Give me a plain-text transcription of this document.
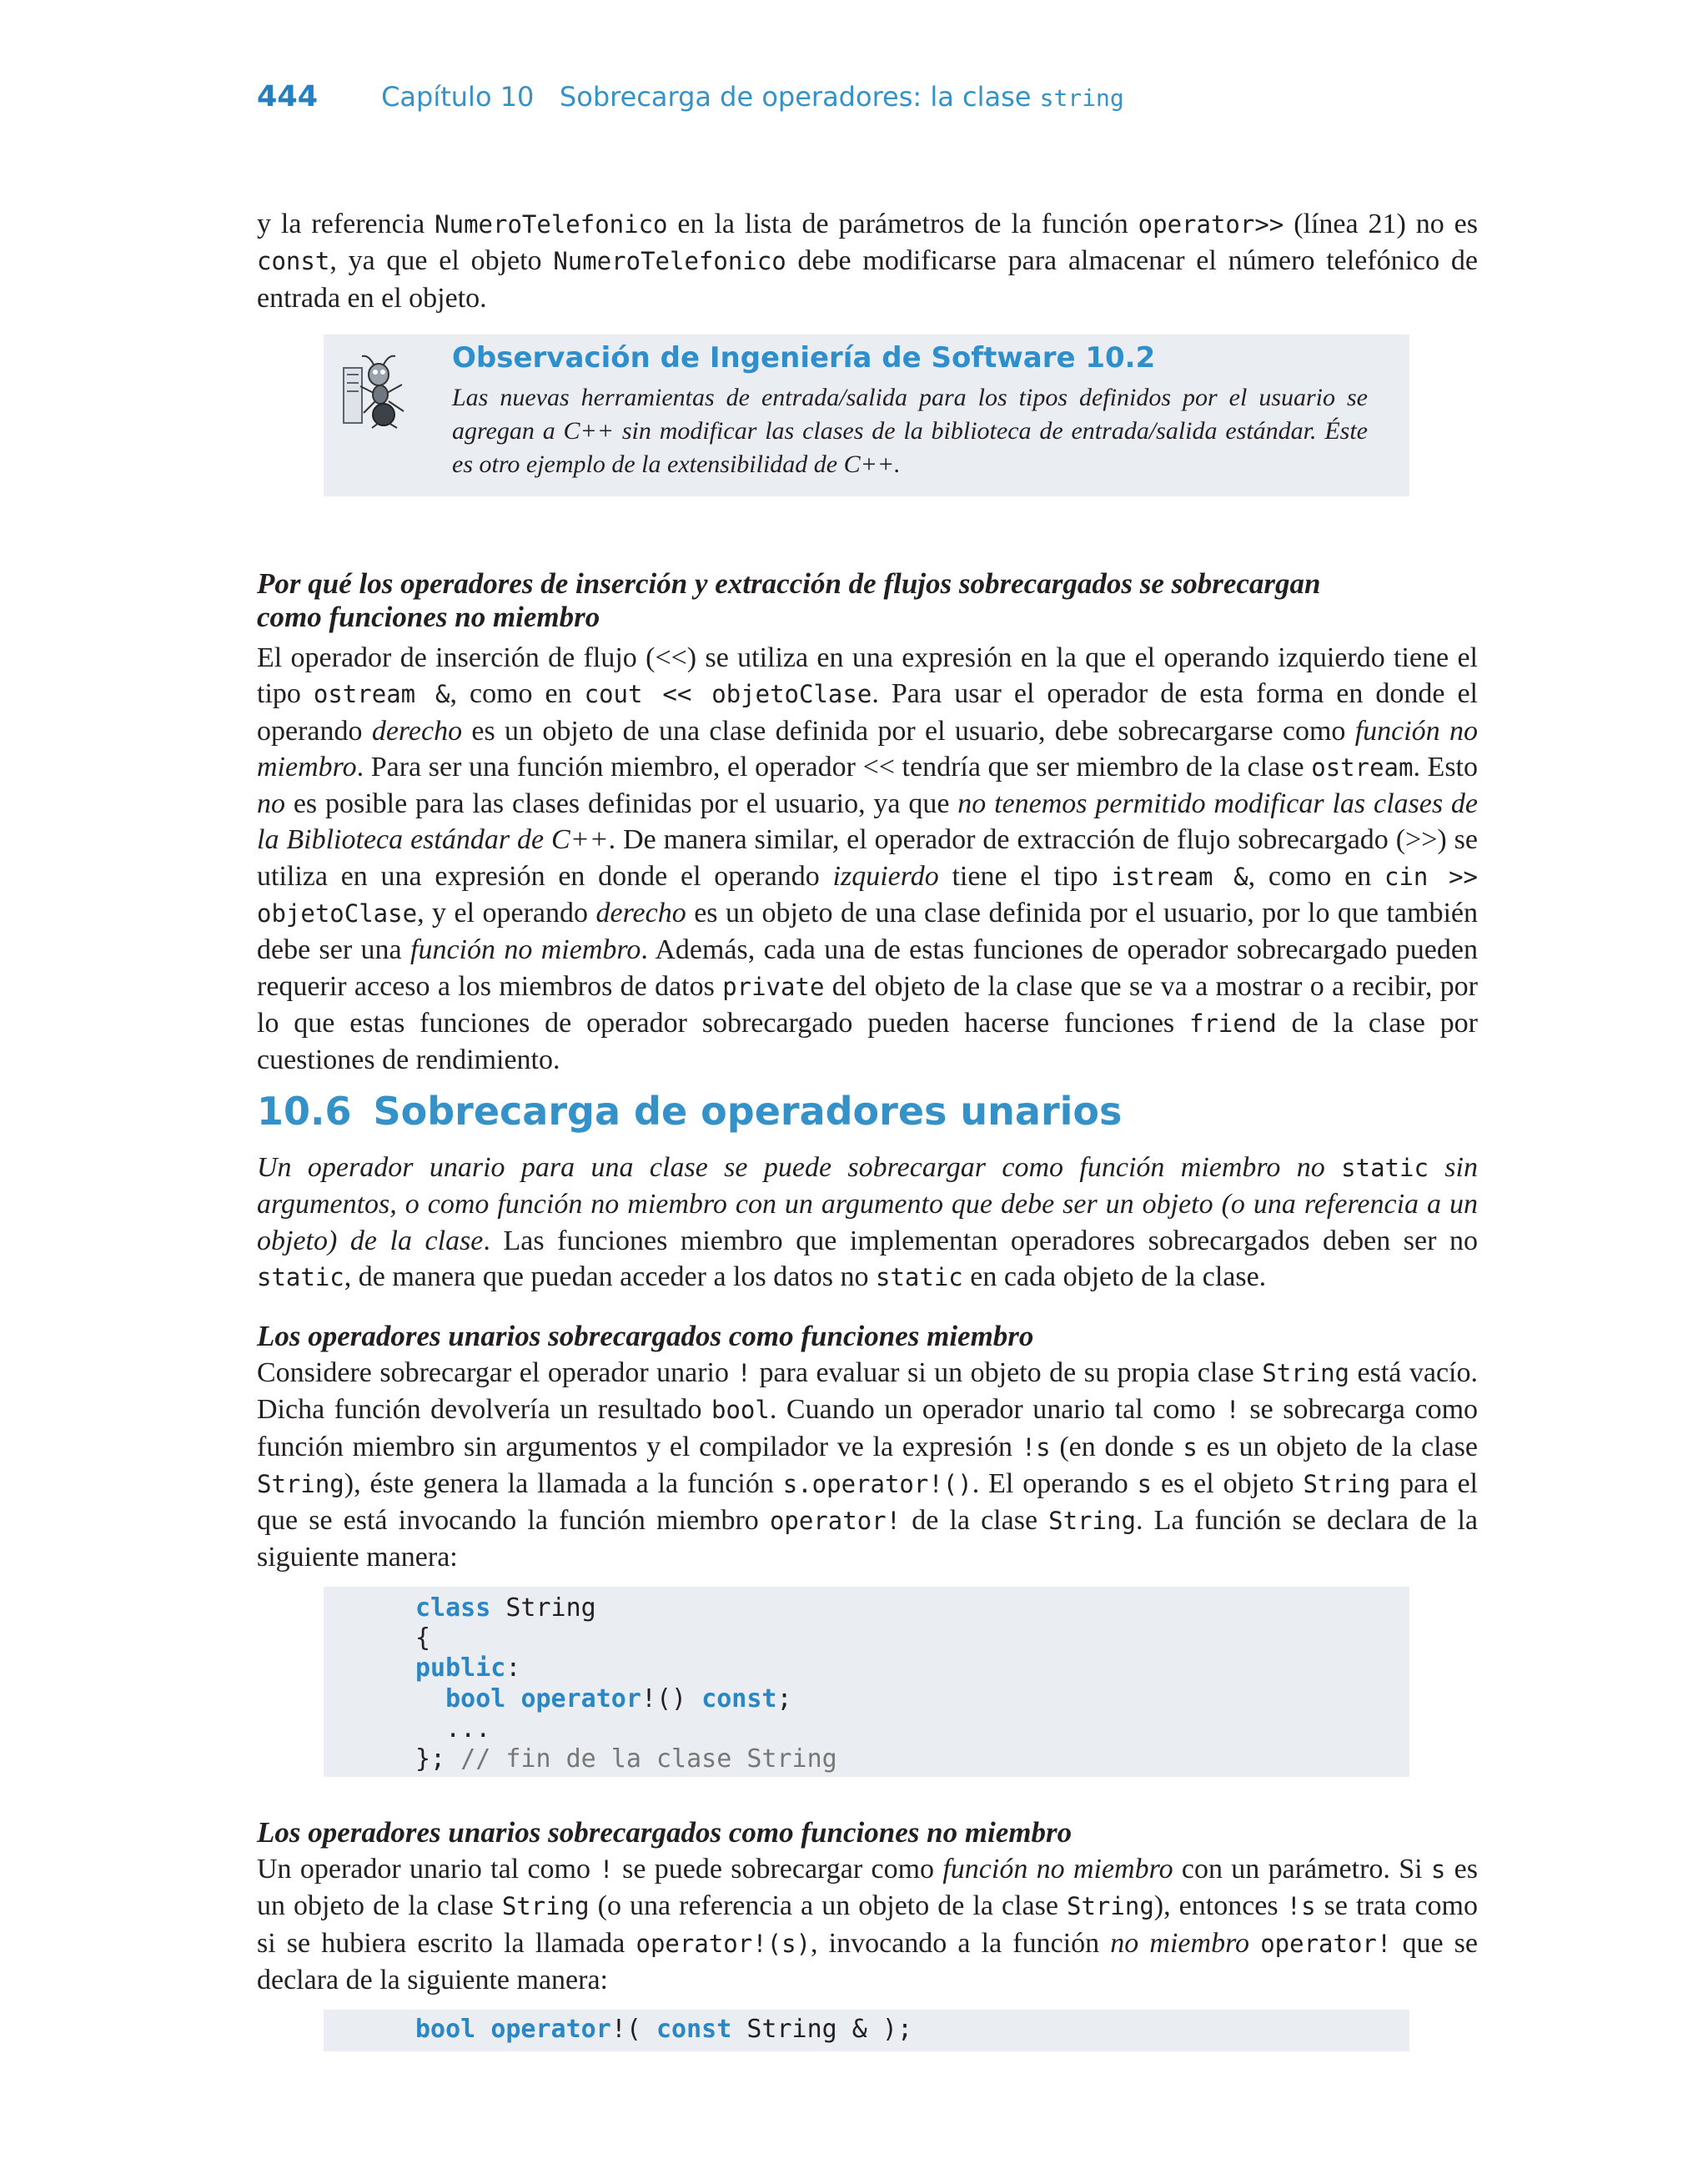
444 Capítulo 10 Sobrecarga de operadores: la clase string
y la referencia NumeroTelefonico en la lista de parámetros de la función operator>> (línea 21) no es const, ya que el objeto NumeroTelefonico debe modificarse para almacenar el número telefónico de entrada en el objeto.
Observación de Ingeniería de Software 10.2
Las nuevas herramientas de entrada/salida para los tipos definidos por el usuario se agregan a C++ sin modificar las clases de la biblioteca de entrada/salida estándar. Éste es otro ejemplo de la extensibilidad de C++.
Por qué los operadores de inserción y extracción de flujos sobrecargados se sobrecargan
como funciones no miembro
El operador de inserción de flujo (<<) se utiliza en una expresión en la que el operando izquierdo tiene el tipo ostream &, como en cout << objetoClase. Para usar el operador de esta forma en donde el operando derecho es un objeto de una clase definida por el usuario, debe sobrecargarse como función no miembro. Para ser una función miembro, el operador << tendría que ser miembro de la clase ostream. Esto no es posible para las clases definidas por el usuario, ya que no tenemos permitido modificar las clases de la Biblioteca estándar de C++. De manera similar, el operador de extracción de flujo sobrecargado (>>) se utiliza en una expresión en donde el operando izquierdo tiene el tipo istream &, como en cin >> objetoClase, y el operando derecho es un objeto de una clase definida por el usuario, por lo que también debe ser una función no miembro. Además, cada una de estas funciones de operador sobrecargado pueden requerir acceso a los miembros de datos private del objeto de la clase que se va a mostrar o a recibir, por lo que estas funciones de operador sobrecargado pueden hacerse funciones friend de la clase por cuestiones de rendimiento.
10.6 Sobrecarga de operadores unarios
Un operador unario para una clase se puede sobrecargar como función miembro no static sin argumentos, o como función no miembro con un argumento que debe ser un objeto (o una referencia a un objeto) de la clase. Las funciones miembro que implementan operadores sobrecargados deben ser no static, de manera que puedan acceder a los datos no static en cada objeto de la clase.
Los operadores unarios sobrecargados como funciones miembro
Considere sobrecargar el operador unario ! para evaluar si un objeto de su propia clase String está vacío. Dicha función devolvería un resultado bool. Cuando un operador unario tal como ! se sobrecarga como función miembro sin argumentos y el compilador ve la expresión !s (en donde s es un objeto de la clase String), éste genera la llamada a la función s.operator!(). El operando s es el objeto String para el que se está invocando la función miembro operator! de la clase String. La función se declara de la siguiente manera:
class String
{
public:
bool operator!() const;
...
}; // fin de la clase String
Los operadores unarios sobrecargados como funciones no miembro
Un operador unario tal como ! se puede sobrecargar como función no miembro con un parámetro. Si s es un objeto de la clase String (o una referencia a un objeto de la clase String), entonces !s se trata como si se hubiera escrito la llamada operator!(s), invocando a la función no miembro operator! que se declara de la siguiente manera:
bool operator!( const String & );
